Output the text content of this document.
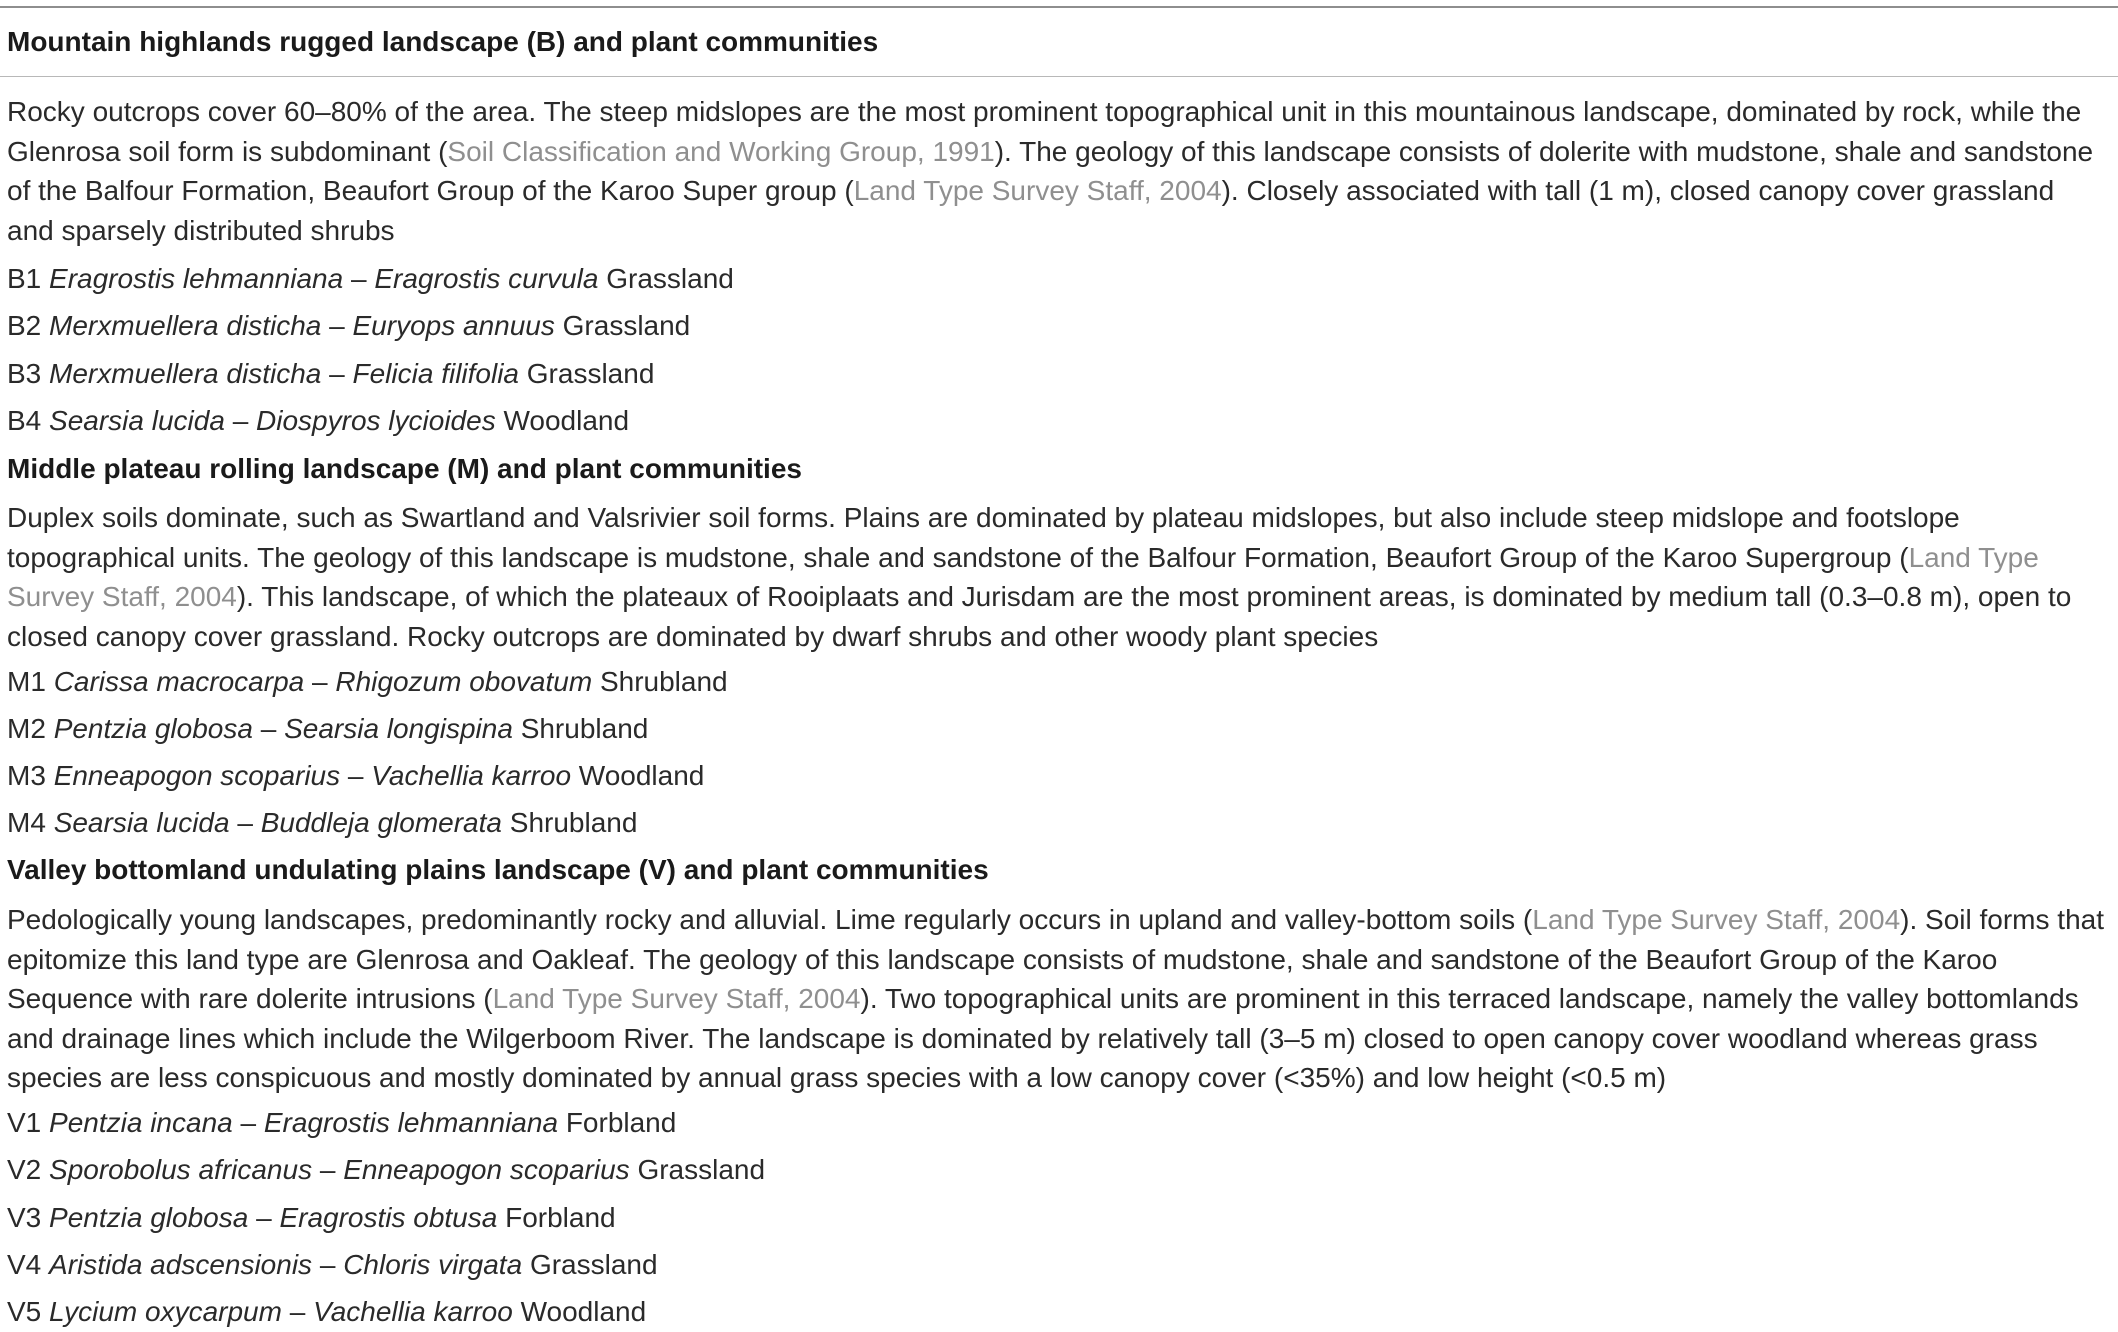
Mountain highlands rugged landscape (B) and plant communities
Rocky outcrops cover 60–80% of the area. The steep midslopes are the most prominent topographical unit in this mountainous landscape, dominated by rock, while the Glenrosa soil form is subdominant (Soil Classification and Working Group, 1991). The geology of this landscape consists of dolerite with mudstone, shale and sandstone of the Balfour Formation, Beaufort Group of the Karoo Super group (Land Type Survey Staff, 2004). Closely associated with tall (1 m), closed canopy cover grassland and sparsely distributed shrubs
B1 Eragrostis lehmanniana – Eragrostis curvula Grassland
B2 Merxmuellera disticha – Euryops annuus Grassland
B3 Merxmuellera disticha – Felicia filifolia Grassland
B4 Searsia lucida – Diospyros lycioides Woodland
Middle plateau rolling landscape (M) and plant communities
Duplex soils dominate, such as Swartland and Valsrivier soil forms. Plains are dominated by plateau midslopes, but also include steep midslope and footslope topographical units. The geology of this landscape is mudstone, shale and sandstone of the Balfour Formation, Beaufort Group of the Karoo Supergroup (Land Type Survey Staff, 2004). This landscape, of which the plateaux of Rooiplaats and Jurisdam are the most prominent areas, is dominated by medium tall (0.3–0.8 m), open to closed canopy cover grassland. Rocky outcrops are dominated by dwarf shrubs and other woody plant species
M1 Carissa macrocarpa – Rhigozum obovatum Shrubland
M2 Pentzia globosa – Searsia longispina Shrubland
M3 Enneapogon scoparius – Vachellia karroo Woodland
M4 Searsia lucida – Buddleja glomerata Shrubland
Valley bottomland undulating plains landscape (V) and plant communities
Pedologically young landscapes, predominantly rocky and alluvial. Lime regularly occurs in upland and valley-bottom soils (Land Type Survey Staff, 2004). Soil forms that epitomize this land type are Glenrosa and Oakleaf. The geology of this landscape consists of mudstone, shale and sandstone of the Beaufort Group of the Karoo Sequence with rare dolerite intrusions (Land Type Survey Staff, 2004). Two topographical units are prominent in this terraced landscape, namely the valley bottomlands and drainage lines which include the Wilgerboom River. The landscape is dominated by relatively tall (3–5 m) closed to open canopy cover woodland whereas grass species are less conspicuous and mostly dominated by annual grass species with a low canopy cover (<35%) and low height (<0.5 m)
V1 Pentzia incana – Eragrostis lehmanniana Forbland
V2 Sporobolus africanus – Enneapogon scoparius Grassland
V3 Pentzia globosa – Eragrostis obtusa Forbland
V4 Aristida adscensionis – Chloris virgata Grassland
V5 Lycium oxycarpum – Vachellia karroo Woodland
